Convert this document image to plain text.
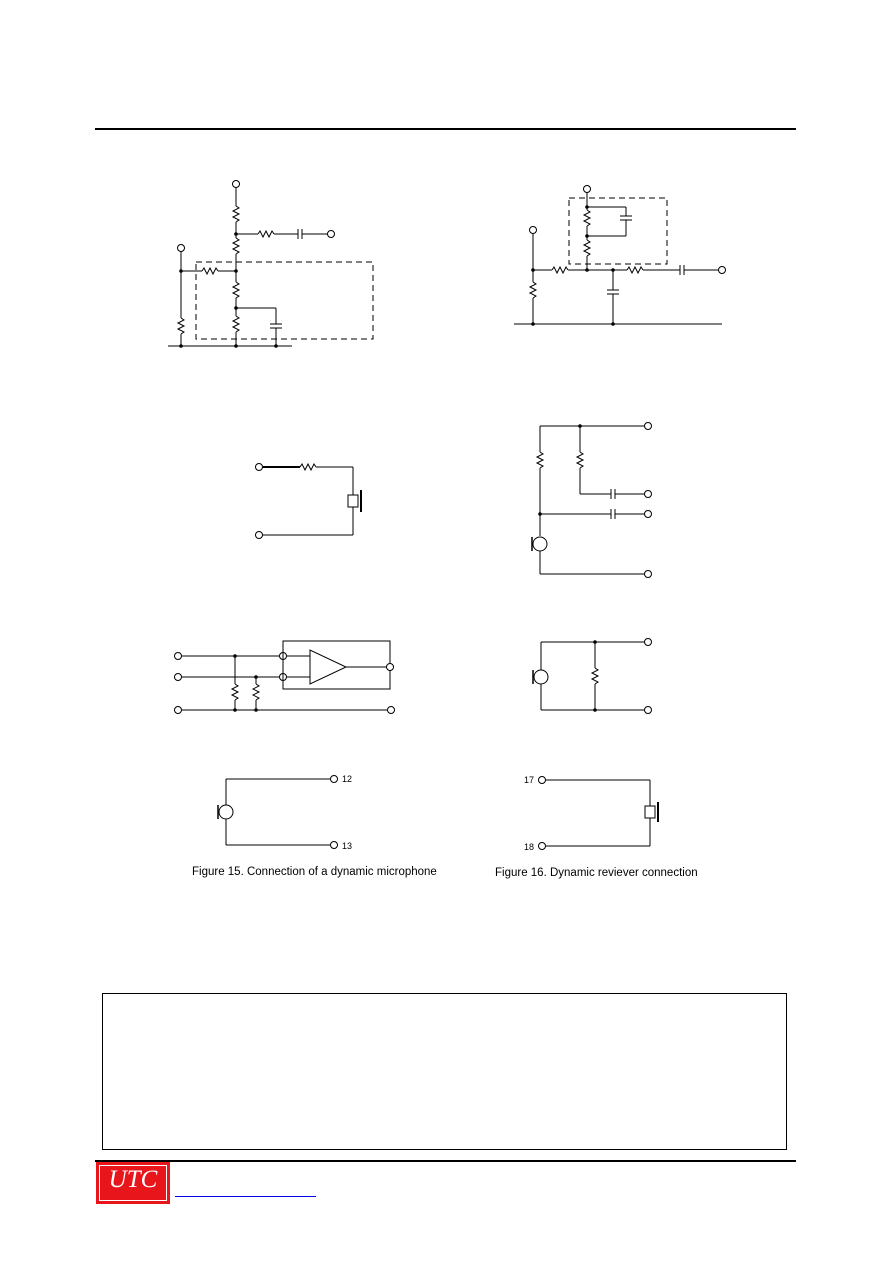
12
13
17
18
Figure 15. Connection of a dynamic microphone	Figure 16. Dynamic reviever connection
UTC
